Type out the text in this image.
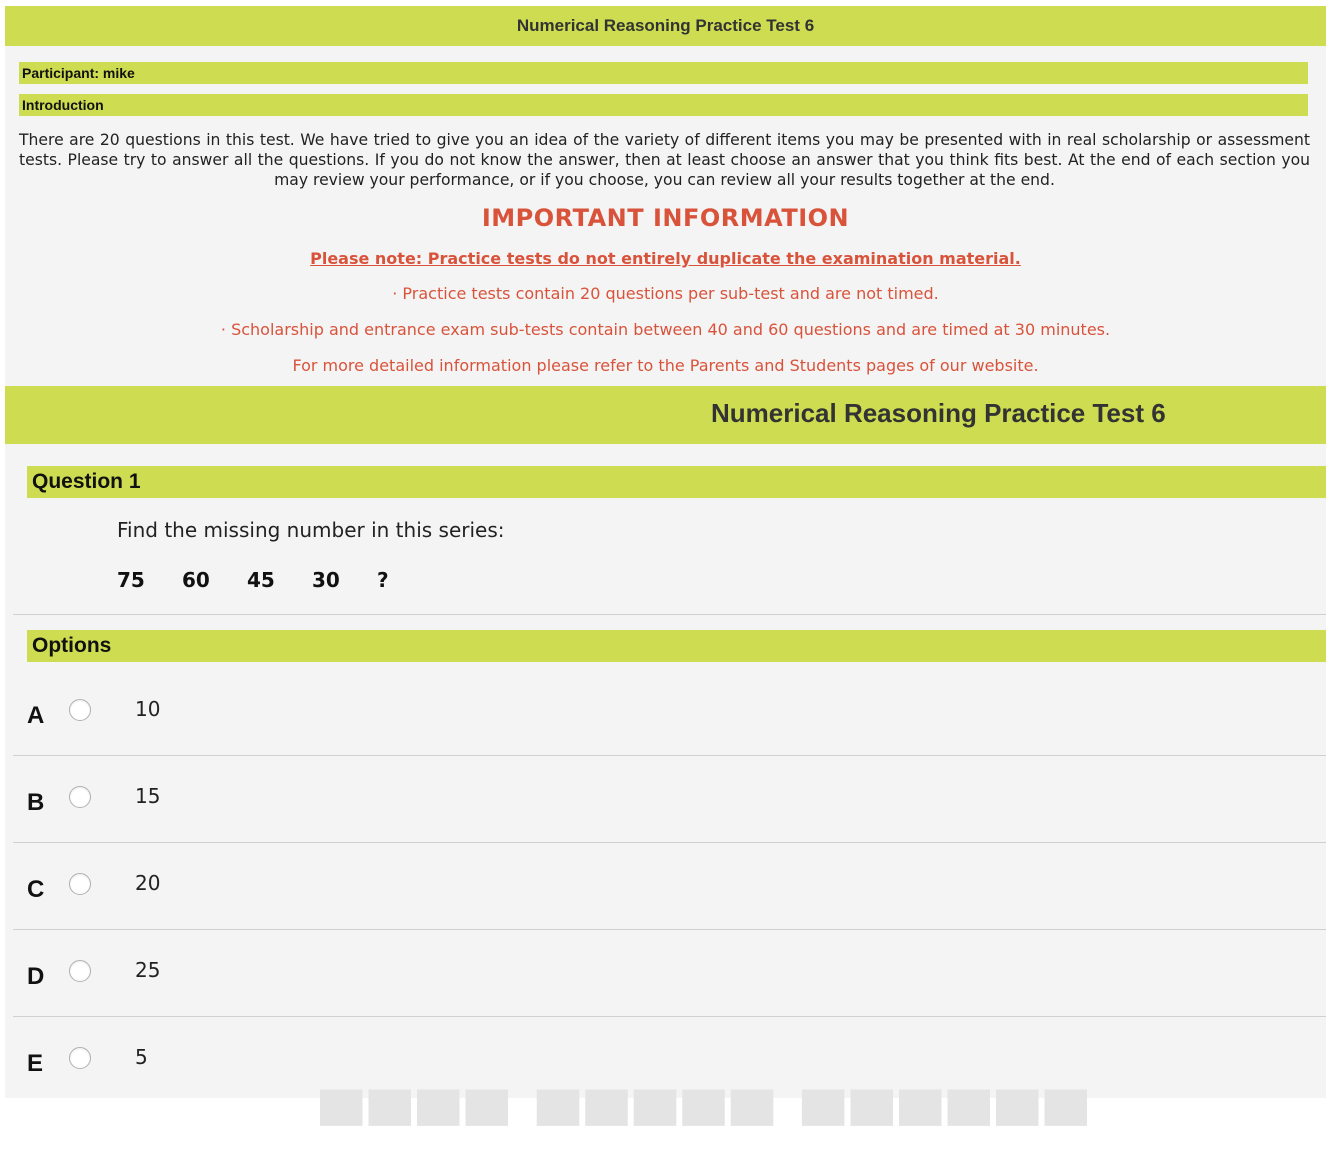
Numerical Reasoning Practice Test 6
Participant: mike
Introduction
There are 20 questions in this test. We have tried to give you an idea of the variety of different items you may be presented with in real scholarship or assessment tests. Please try to answer all the questions. If you do not know the answer, then at least choose an answer that you think fits best. At the end of each section you may review your performance, or if you choose, you can review all your results together at the end.
IMPORTANT INFORMATION
Please note: Practice tests do not entirely duplicate the examination material.
· Practice tests contain 20 questions per sub-test and are not timed.
· Scholarship and entrance exam sub-tests contain between 40 and 60 questions and are timed at 30 minutes.
For more detailed information please refer to the Parents and Students pages of our website.
Numerical Reasoning Practice Test 6
Question 1
Find the missing number in this series:
75	60	45	30	?
Options
A	10
B	15
C	20
D	25
E	5
▀▀▀▀ ▀▀▀▀▀ ▀▀▀▀▀▀
